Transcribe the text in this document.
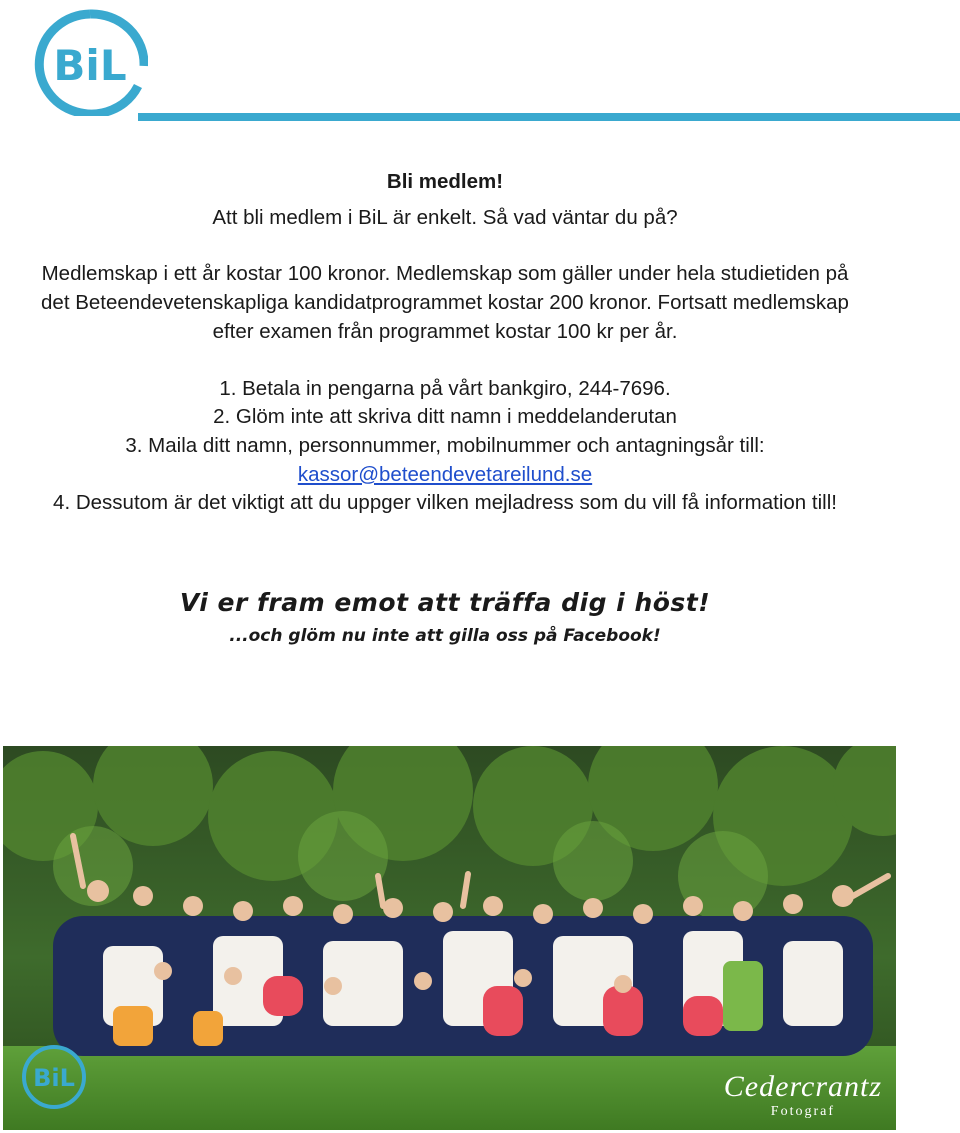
BiL

Bli medlem!

Att bli medlem i BiL är enkelt. Så vad väntar du på?

Medlemskap i ett år kostar 100 kronor. Medlemskap som gäller under hela studietiden på det Beteendevetenskapliga kandidatprogrammet kostar 200 kronor. Fortsatt medlemskap efter examen från programmet kostar 100 kr per år.

1. Betala in pengarna på vårt bankgiro, 244-7696.

2. Glöm inte att skriva ditt namn i meddelanderutan

3. Maila ditt namn, personnummer, mobilnummer och antagningsår till:

kassor@beteendevetareilund.se

4. Dessutom är det viktigt att du uppger vilken mejladress som du vill få information till!

Vi er fram emot att träffa dig i höst!
...och glöm nu inte att gilla oss på Facebook!
BiL	Cedercrantz
Fotograf
